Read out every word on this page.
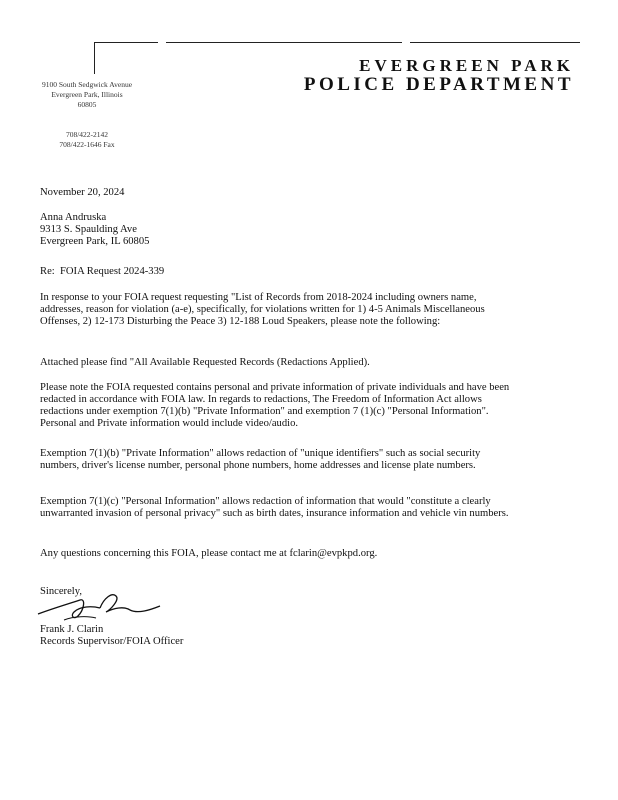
EVERGREEN PARK
POLICE DEPARTMENT
9100 South Sedgwick Avenue
Evergreen Park, Illinois
60805
708/422-2142
708/422-1646 Fax
November 20, 2024
Anna Andruska
9313 S. Spaulding Ave
Evergreen Park, IL 60805
Re:  FOIA Request 2024-339

In response to your FOIA request requesting "List of Records from 2018-2024 including owners name, addresses, reason for violation (a-e), specifically, for violations written for 1) 4-5 Animals Miscellaneous Offenses, 2) 12-173 Disturbing the Peace 3) 12-188 Loud Speakers, please note the following:

Attached please find "All Available Requested Records (Redactions Applied).

Please note the FOIA requested contains personal and private information of private individuals and have been redacted in accordance with FOIA law. In regards to redactions, The Freedom of Information Act allows redactions under exemption 7(1)(b) "Private Information" and exemption 7 (1)(c) "Personal Information". Personal and Private information would include video/audio.

Exemption 7(1)(b) "Private Information" allows redaction of "unique identifiers" such as social security numbers, driver's license number, personal phone numbers, home addresses and license plate numbers.

Exemption 7(1)(c) "Personal Information" allows redaction of information that would "constitute a clearly unwarranted invasion of personal privacy" such as birth dates, insurance information and vehicle vin numbers.

Any questions concerning this FOIA, please contact me at fclarin@evpkpd.org.

Sincerely,
Frank J. Clarin
Records Supervisor/FOIA Officer
